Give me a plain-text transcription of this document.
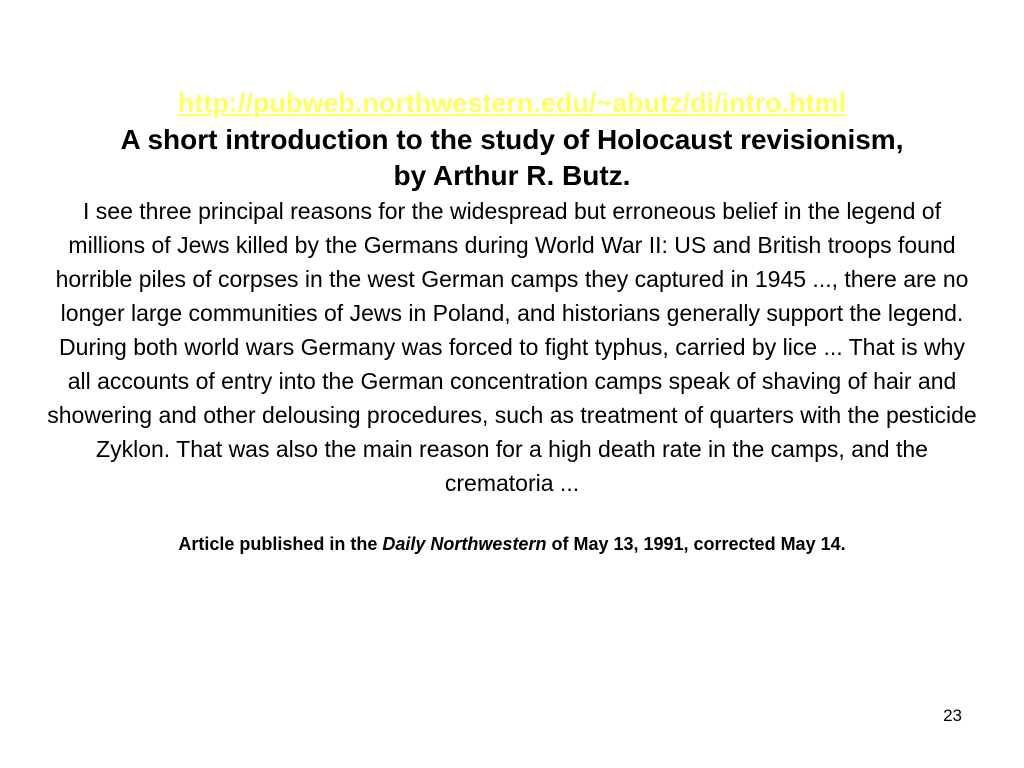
http://pubweb.northwestern.edu/~abutz/di/intro.html
A short introduction to the study of Holocaust revisionism,
by Arthur R. Butz.
I see three principal reasons for the widespread but erroneous belief in the legend of millions of Jews killed by the Germans during World War II: US and British troops found horrible piles of corpses in the west German camps they captured in 1945 ..., there are no longer large communities of Jews in Poland, and historians generally support the legend. During both world wars Germany was forced to fight typhus, carried by lice ... That is why all accounts of entry into the German concentration camps speak of shaving of hair and showering and other delousing procedures, such as treatment of quarters with the pesticide Zyklon. That was also the main reason for a high death rate in the camps, and the crematoria ...
Article published in the Daily Northwestern of May 13, 1991, corrected May 14.
23
